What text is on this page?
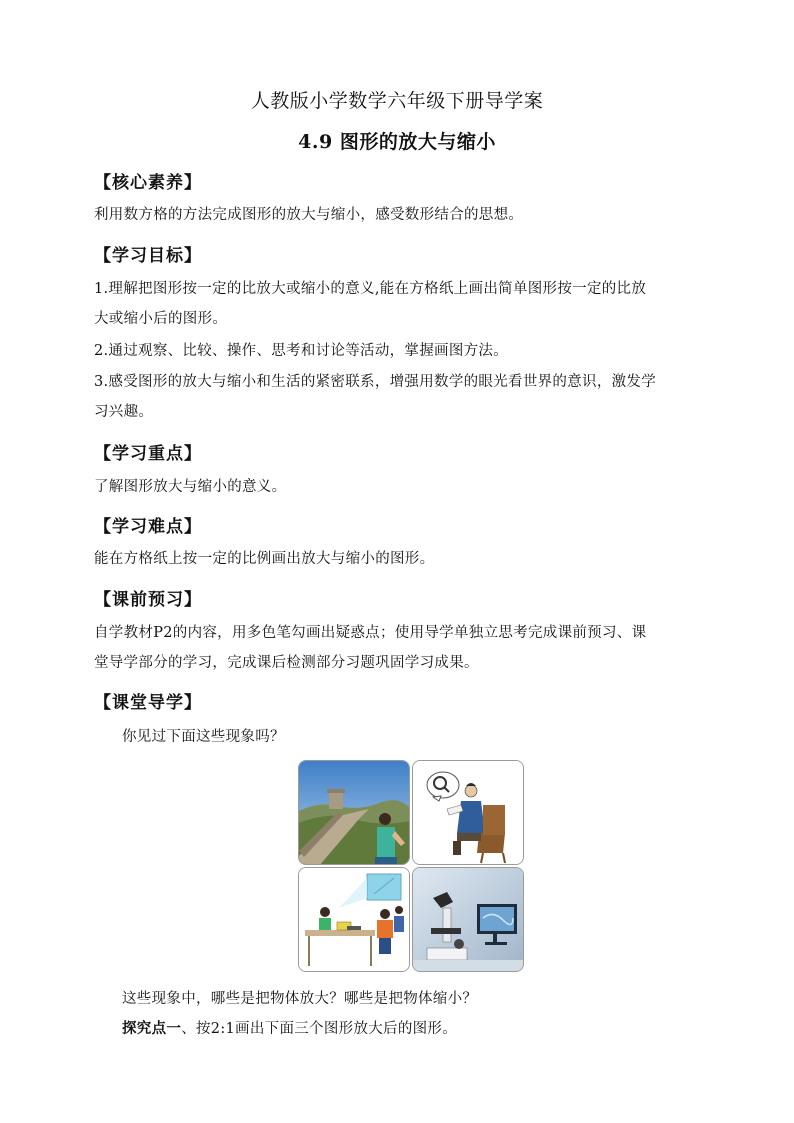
人教版小学数学六年级下册导学案
4.9 图形的放大与缩小
【核心素养】
利用数方格的方法完成图形的放大与缩小，感受数形结合的思想。
【学习目标】
1.理解把图形按一定的比放大或缩小的意义,能在方格纸上画出简单图形按一定的比放
大或缩小后的图形。
2.通过观察、比较、操作、思考和讨论等活动，掌握画图方法。
3.感受图形的放大与缩小和生活的紧密联系，增强用数学的眼光看世界的意识，激发学
习兴趣。
【学习重点】
了解图形放大与缩小的意义。
【学习难点】
能在方格纸上按一定的比例画出放大与缩小的图形。
【课前预习】
自学教材P2的内容，用多色笔勾画出疑惑点；使用导学单独立思考完成课前预习、课
堂导学部分的学习，完成课后检测部分习题巩固学习成果。
【课堂导学】
你见过下面这些现象吗？
这些现象中，哪些是把物体放大？哪些是把物体缩小？
探究点一、按2:1画出下面三个图形放大后的图形。
